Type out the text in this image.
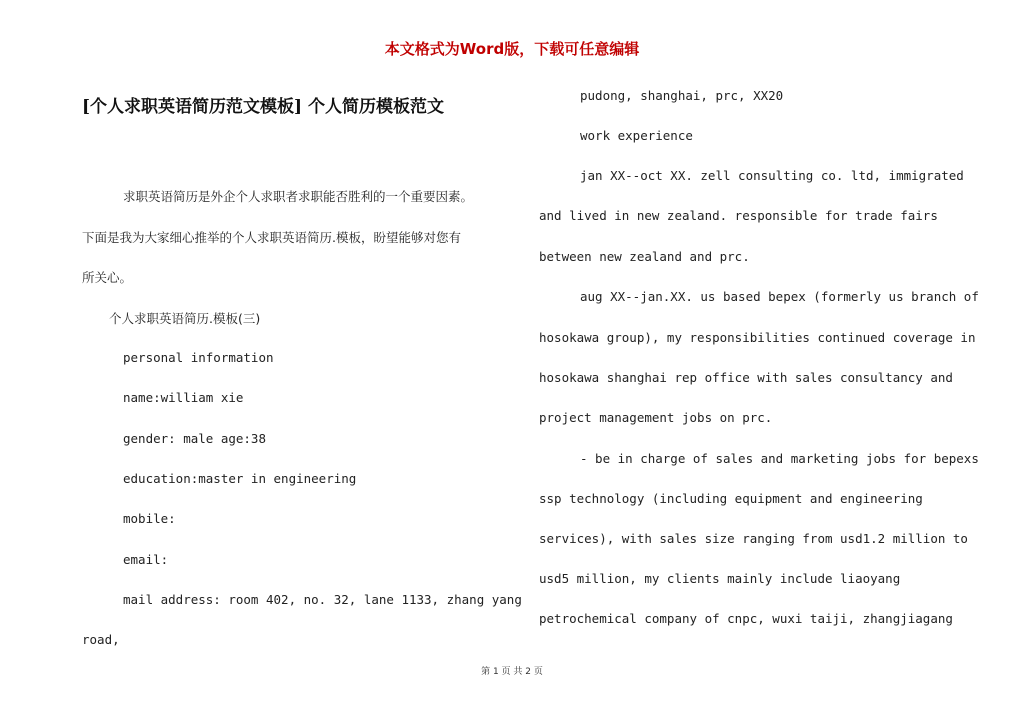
本文格式为Word版，下载可任意编辑
[个人求职英语简历范文模板] 个人简历模板范文
求职英语简历是外企个人求职者求职能否胜利的一个重要因素。
下面是我为大家细心推举的个人求职英语简历.模板，盼望能够对您有
所关心。
个人求职英语简历.模板(三)
personal information
name:william xie
gender: male age:38
education:master in engineering
mobile:
email:
mail address: room 402, no. 32, lane 1133, zhang yang
road,
pudong, shanghai, prc, XX20
work experience
jan XX--oct XX. zell consulting co. ltd, immigrated
and lived in new zealand. responsible for trade fairs
between new zealand and prc.
aug XX--jan.XX. us based bepex (formerly us branch of
hosokawa group), my responsibilities continued coverage in
hosokawa shanghai rep office with sales consultancy and
project management jobs on prc.
- be in charge of sales and marketing jobs for bepexs
ssp technology (including equipment and engineering
services), with sales size ranging from usd1.2 million to
usd5 million, my clients mainly include liaoyang
petrochemical company of cnpc, wuxi taiji, zhangjiagang
第 1 页 共 2 页
